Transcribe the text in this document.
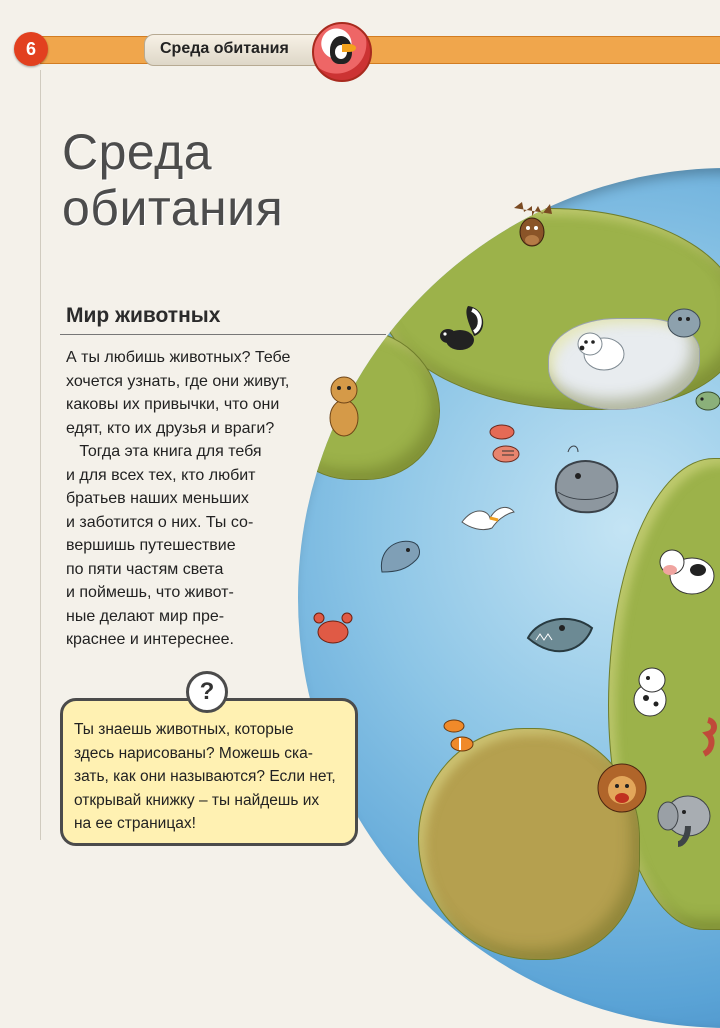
Среда обитания
6
Среда
обитания
Мир животных
А ты любишь животных? Тебе
хочется узнать, где они живут,
каковы их привычки, что они
едят, кто их друзья и враги?
Тогда эта книга для тебя
и для всех тех, кто любит
братьев наших меньших
и заботится о них. Ты со-
вершишь путешествие
по пяти частям света
и поймешь, что живот-
ные делают мир пре-
краснее и интереснее.
?
Ты знаешь животных, которые
здесь нарисованы? Можешь ска-
зать, как они называются? Если нет,
открывай книжку – ты найдешь их
на ее страницах!
